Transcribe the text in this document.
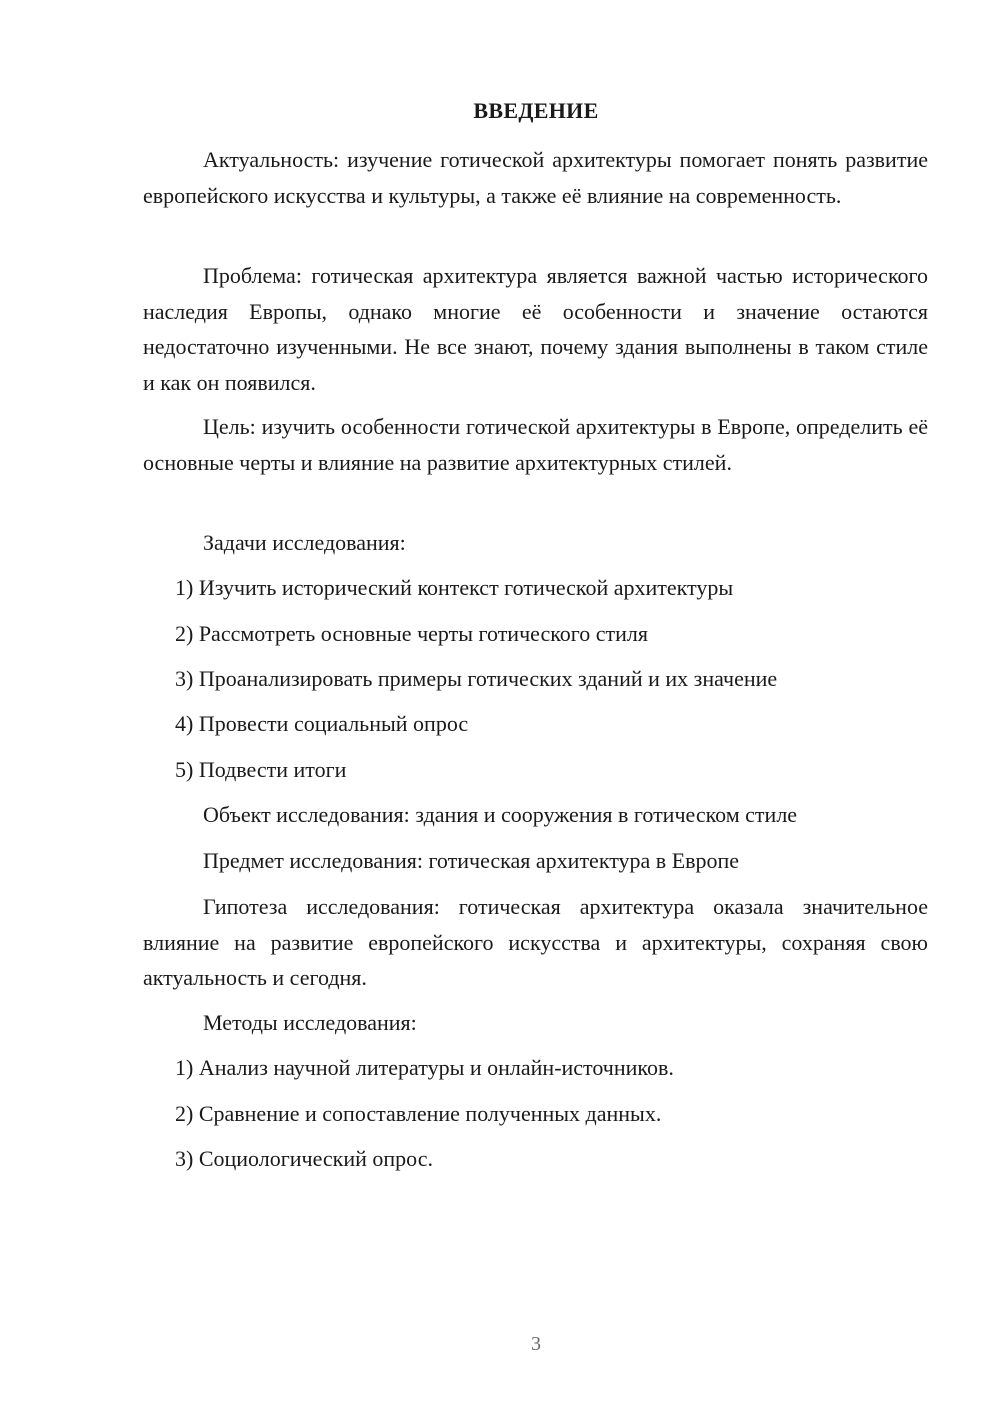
ВВЕДЕНИЕ

Актуальность: изучение готической архитектуры помогает понять развитие европейского искусства и культуры, а также её влияние на современность.

Проблема: готическая архитектура является важной частью исторического наследия Европы, однако многие её особенности и значение остаются недостаточно изученными. Не все знают, почему здания выполнены в таком стиле и как он появился.

Цель: изучить особенности готической архитектуры в Европе, определить её основные черты и влияние на развитие архитектурных стилей.

Задачи исследования:

1) Изучить исторический контекст готической архитектуры

2) Рассмотреть основные черты готического стиля

3) Проанализировать примеры готических зданий и их значение

4) Провести социальный опрос

5) Подвести итоги

Объект исследования: здания и сооружения в готическом стиле

Предмет исследования: готическая архитектура в Европе

Гипотеза исследования: готическая архитектура оказала значительное влияние на развитие европейского искусства и архитектуры, сохраняя свою актуальность и сегодня.

Методы исследования:

1) Анализ научной литературы и онлайн-источников.

2) Сравнение и сопоставление полученных данных.

3) Социологический опрос.

3
